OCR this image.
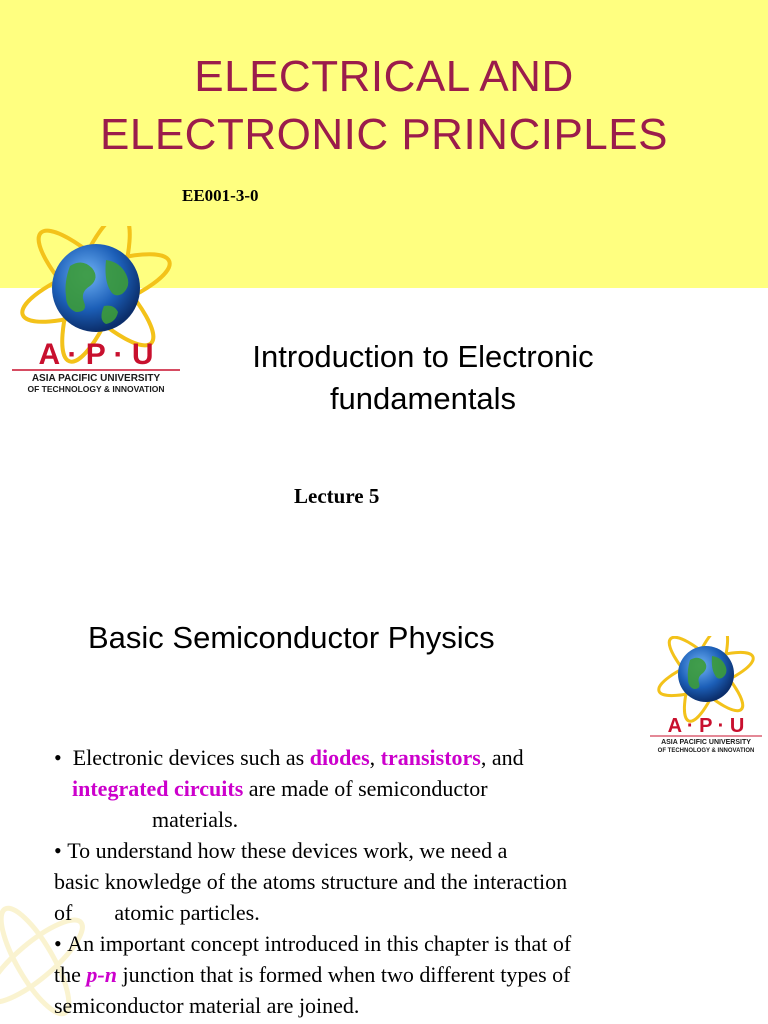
ELECTRICAL AND
ELECTRONIC PRINCIPLES
EE001-3-0
A · P · U
ASIA PACIFIC UNIVERSITY
OF TECHNOLOGY & INNOVATION
Introduction to Electronic
fundamentals
Lecture 5
Basic Semiconductor Physics
A · P · U
ASIA PACIFIC UNIVERSITY
OF TECHNOLOGY & INNOVATION

• Electronic devices such as diodes, transistors, and

integrated circuits are made of semiconductor

materials.

• To understand how these devices work, we need a

basic knowledge of the atoms structure and the interaction

of atomic particles.

• An important concept introduced in this chapter is that of

the p-n junction that is formed when two different types of

semiconductor material are joined.
